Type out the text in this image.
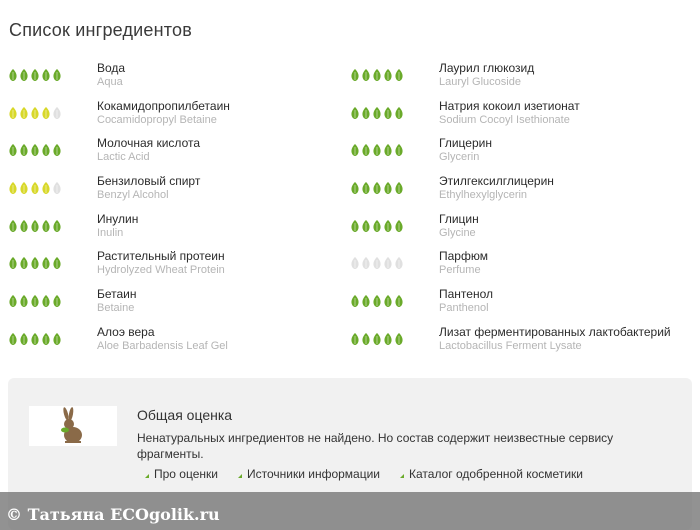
Список ингредиентов
Вода
Aqua
Кокамидопропилбетаин
Cocamidopropyl Betaine
Молочная кислота
Lactic Acid
Бензиловый спирт
Benzyl Alcohol
Инулин
Inulin
Растительный протеин
Hydrolyzed Wheat Protein
Бетаин
Betaine
Алоэ вера
Aloe Barbadensis Leaf Gel
Лаурил глюкозид
Lauryl Glucoside
Натрия кокоил изетионат
Sodium Cocoyl Isethionate
Глицерин
Glycerin
Этилгексилглицерин
Ethylhexylglycerin
Глицин
Glycine
Парфюм
Perfume
Пантенол
Panthenol
Лизат ферментированных лактобактерий
Lactobacillus Ferment Lysate
Общая оценка
Ненатуральных ингредиентов не найдено. Но состав содержит неизвестные сервису фрагменты.
Про оценки Источники информации Каталог одобренной косметики
© Татьяна ECOgolik.ru
